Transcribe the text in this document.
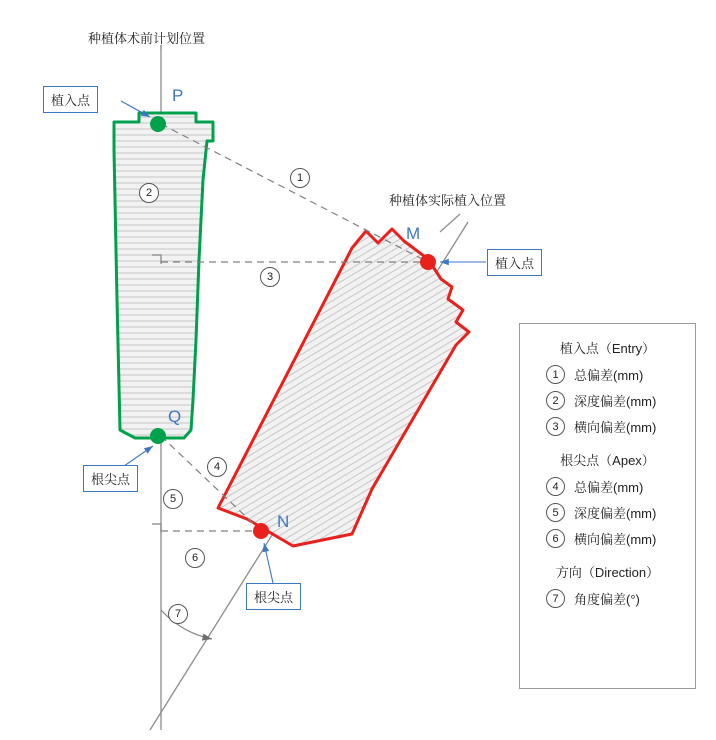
种植体术前计划位置
种植体实际植入位置
植入点
植入点
根尖点
根尖点
P
Q
M
N
1
2
3
4
5
6
7
植入点（Entry）
1	总偏差(mm)
2	深度偏差(mm)
3	横向偏差(mm)
根尖点（Apex）
4	总偏差(mm)
5	深度偏差(mm)
6	横向偏差(mm)
方向（Direction）
7	角度偏差(°)
